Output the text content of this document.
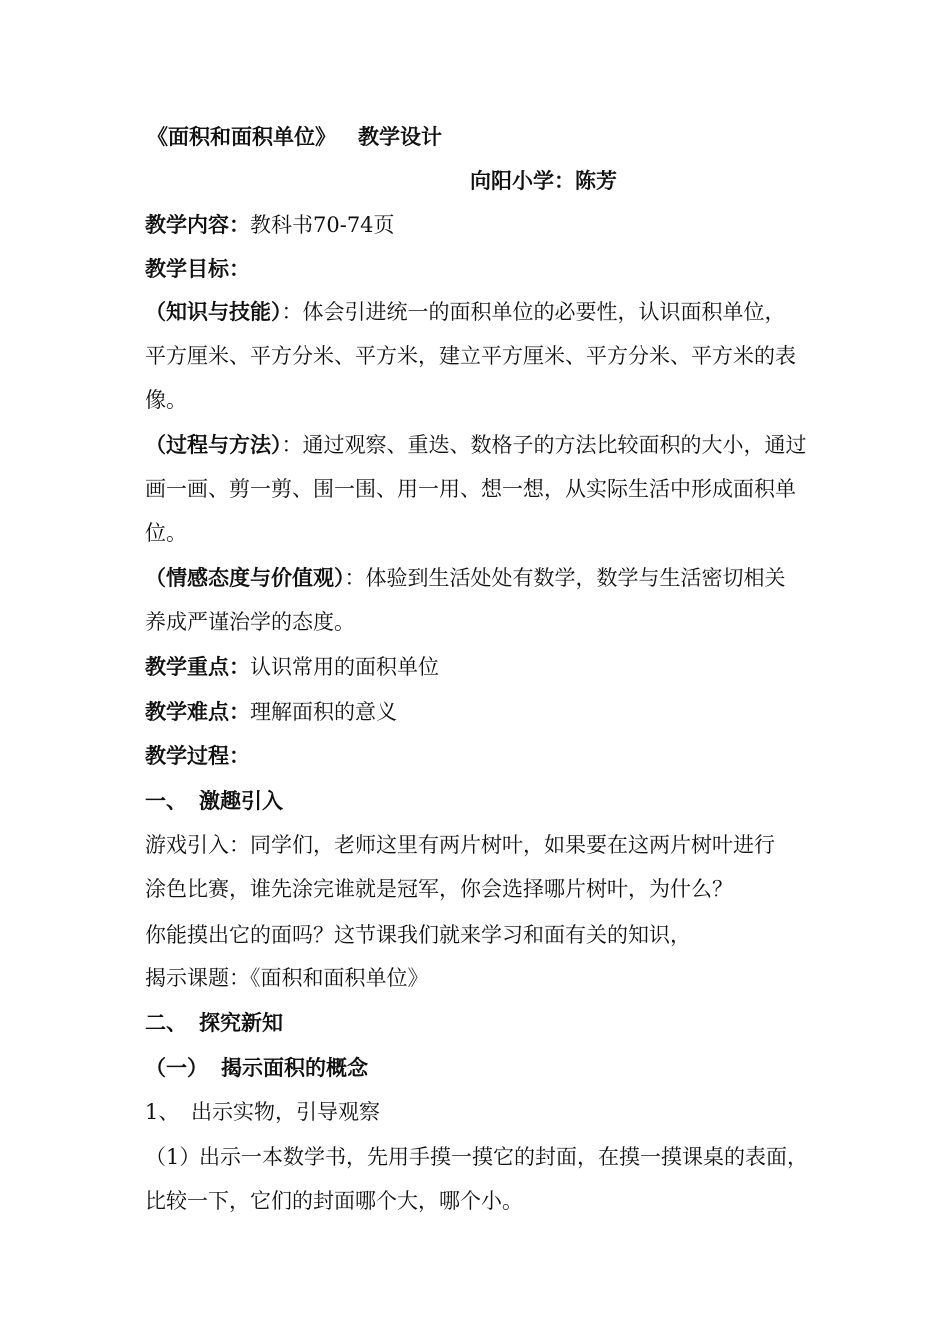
《面积和面积单位》 教学设计
向阳小学：陈芳
教学内容：教科书70-74页
教学目标：
（知识与技能）：体会引进统一的面积单位的必要性，认识面积单位，
平方厘米、平方分米、平方米，建立平方厘米、平方分米、平方米的表
像。
（过程与方法）：通过观察、重迭、数格子的方法比较面积的大小，通过
画一画、剪一剪、围一围、用一用、想一想，从实际生活中形成面积单
位。
（情感态度与价值观）：体验到生活处处有数学，数学与生活密切相关
养成严谨治学的态度。
教学重点：认识常用的面积单位
教学难点：理解面积的意义
教学过程：
一、 激趣引入
游戏引入：同学们，老师这里有两片树叶，如果要在这两片树叶进行
涂色比赛，谁先涂完谁就是冠军，你会选择哪片树叶，为什么？
你能摸出它的面吗？这节课我们就来学习和面有关的知识，
揭示课题：《面积和面积单位》
二、 探究新知
（一） 揭示面积的概念
1、 出示实物，引导观察
（1）出示一本数学书，先用手摸一摸它的封面，在摸一摸课桌的表面，
比较一下，它们的封面哪个大，哪个小。
